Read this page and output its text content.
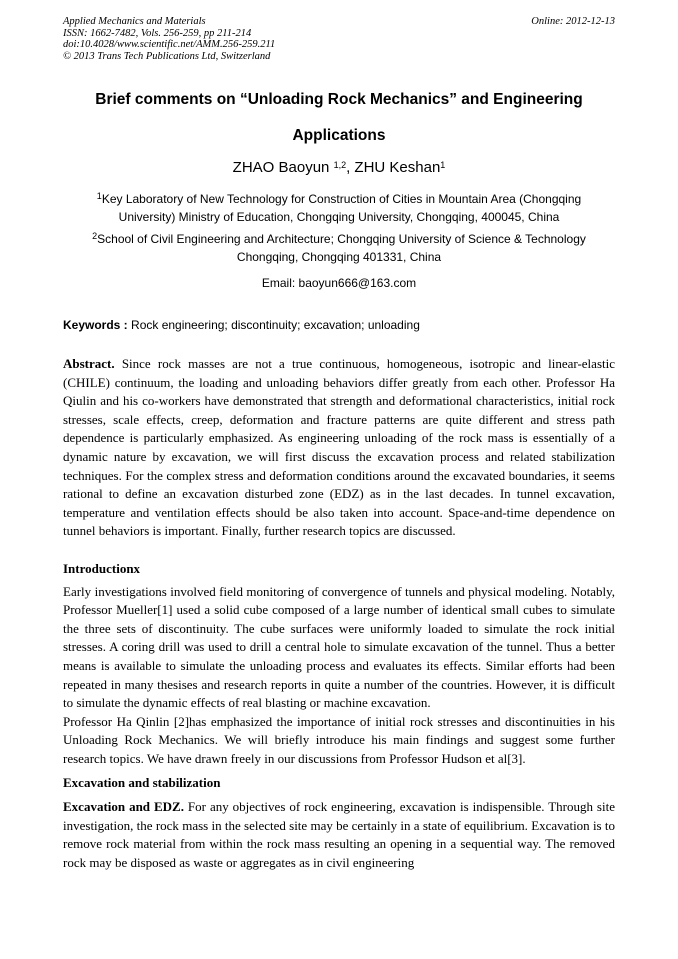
Applied Mechanics and Materials
ISSN: 1662-7482, Vols. 256-259, pp 211-214
doi:10.4028/www.scientific.net/AMM.256-259.211
© 2013 Trans Tech Publications Ltd, Switzerland
Online: 2012-12-13
Brief comments on “Unloading Rock Mechanics” and Engineering
Applications
ZHAO Baoyun $^{1,2}$, ZHU Keshan$^1$
$^1$Key Laboratory of New Technology for Construction of Cities in Mountain Area (Chongqing University) Ministry of Education, Chongqing University, Chongqing, 400045, China
$^2$School of Civil Engineering and Architecture; Chongqing University of Science & Technology Chongqing, Chongqing 401331, China
Email: baoyun666@163.com
Keywords : Rock engineering; discontinuity; excavation; unloading

Abstract. Since rock masses are not a true continuous, homogeneous, isotropic and linear-elastic (CHILE) continuum, the loading and unloading behaviors differ greatly from each other. Professor Ha Qiulin and his co-workers have demonstrated that strength and deformational characteristics, initial rock stresses, scale effects, creep, deformation and fracture patterns are quite different and stress path dependence is particularly emphasized. As engineering unloading of the rock mass is essentially of a dynamic nature by excavation, we will first discuss the excavation process and related stabilization techniques. For the complex stress and deformation conditions around the excavated boundaries, it seems rational to define an excavation disturbed zone (EDZ) as in the last decades. In tunnel excavation, temperature and ventilation effects should be also taken into account. Space-and-time dependence on tunnel behaviors is important. Finally, further research topics are discussed.

Introductionx

Early investigations involved field monitoring of convergence of tunnels and physical modeling. Notably, Professor Mueller[1] used a solid cube composed of a large number of identical small cubes to simulate the three sets of discontinuity. The cube surfaces were uniformly loaded to simulate the rock initial stresses. A coring drill was used to drill a central hole to simulate excavation of the tunnel. Thus a better means is available to simulate the unloading process and evaluates its effects. Similar efforts had been repeated in many thesises and research reports in quite a number of the countries. However, it is difficult to simulate the dynamic effects of real blasting or machine excavation.

Professor Ha Qinlin [2]has emphasized the importance of initial rock stresses and discontinuities in his Unloading Rock Mechanics. We will briefly introduce his main findings and suggest some further research topics. We have drawn freely in our discussions from Professor Hudson et al[3].

Excavation and stabilization

Excavation and EDZ. For any objectives of rock engineering, excavation is indispensible. Through site investigation, the rock mass in the selected site may be certainly in a state of equilibrium. Excavation is to remove rock material from within the rock mass resulting an opening in a sequential way. The removed rock may be disposed as waste or aggregates as in civil engineering
